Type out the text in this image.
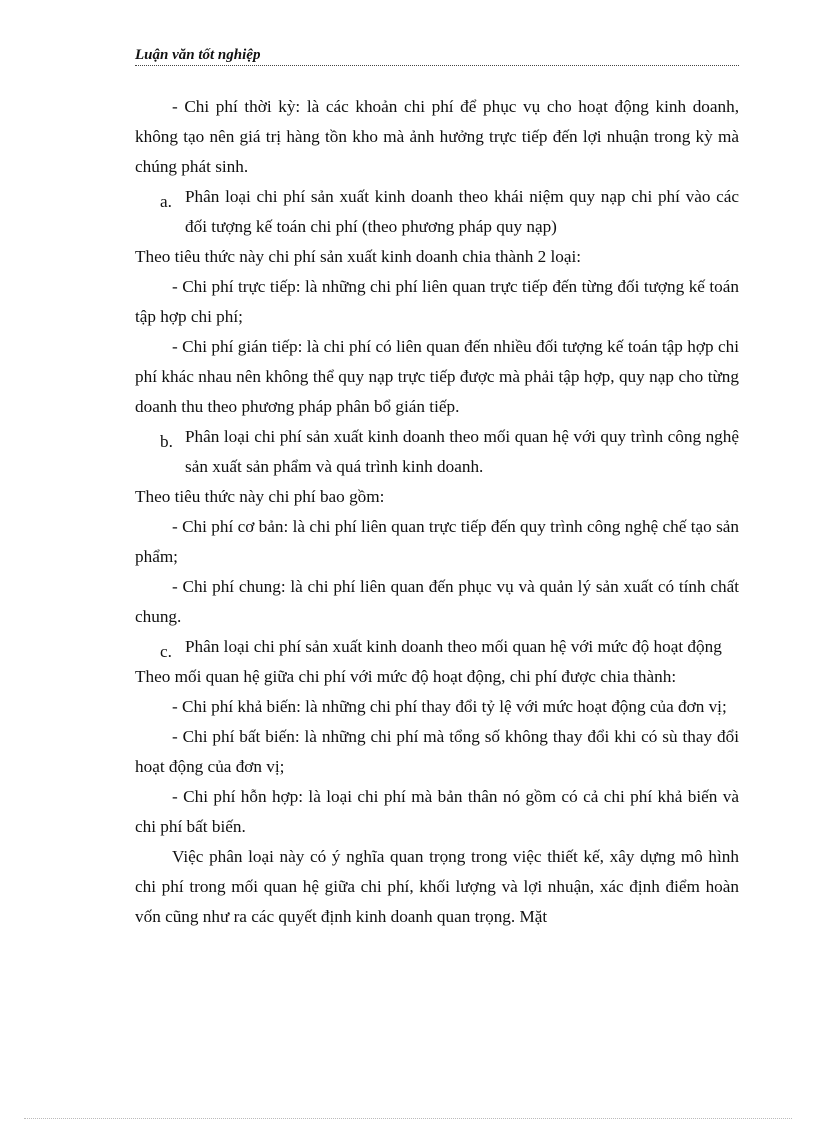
Luận văn tốt nghiệp

- Chi phí thời kỳ: là các khoản chi phí để phục vụ cho hoạt động kinh doanh, không tạo nên giá trị hàng tồn kho mà ảnh hưởng trực tiếp đến lợi nhuận trong kỳ mà chúng phát sinh.

a. Phân loại chi phí sản xuất kinh doanh theo khái niệm quy nạp chi phí vào các đối tượng kế toán chi phí (theo phương pháp quy nạp)

Theo tiêu thức này chi phí sản xuất kinh doanh chia thành 2 loại:

- Chi phí trực tiếp: là những chi phí liên quan trực tiếp đến từng đối tượng kế toán tập hợp chi phí;

- Chi phí gián tiếp: là chi phí có liên quan đến nhiều đối tượng kế toán tập hợp chi phí khác nhau nên không thể quy nạp trực tiếp được mà phải tập hợp, quy nạp cho từng doanh thu theo phương pháp phân bổ gián tiếp.

b. Phân loại chi phí sản xuất kinh doanh theo mối quan hệ với quy trình công nghệ sản xuất sản phẩm và quá trình kinh doanh.

Theo tiêu thức này chi phí bao gồm:

- Chi phí cơ bản: là chi phí liên quan trực tiếp đến quy trình công nghệ chế tạo sản phẩm;

- Chi phí chung: là chi phí liên quan đến phục vụ và quản lý sản xuất có tính chất chung.

c. Phân loại chi phí sản xuất kinh doanh theo mối quan hệ với mức độ hoạt động

Theo mối quan hệ giữa chi phí với mức độ hoạt động, chi phí được chia thành:

- Chi phí khả biến: là những chi phí thay đổi tỷ lệ với mức hoạt động của đơn vị;

- Chi phí bất biến: là những chi phí mà tổng số không thay đổi khi có sù thay đổi hoạt động của đơn vị;

- Chi phí hỗn hợp: là loại chi phí mà bản thân nó gồm có cả chi phí khả biến và chi phí bất biến.

Việc phân loại này có ý nghĩa quan trọng trong việc thiết kế, xây dựng mô hình chi phí trong mối quan hệ giữa chi phí, khối lượng và lợi nhuận, xác định điểm hoàn vốn cũng như ra các quyết định kinh doanh quan trọng. Mặt
